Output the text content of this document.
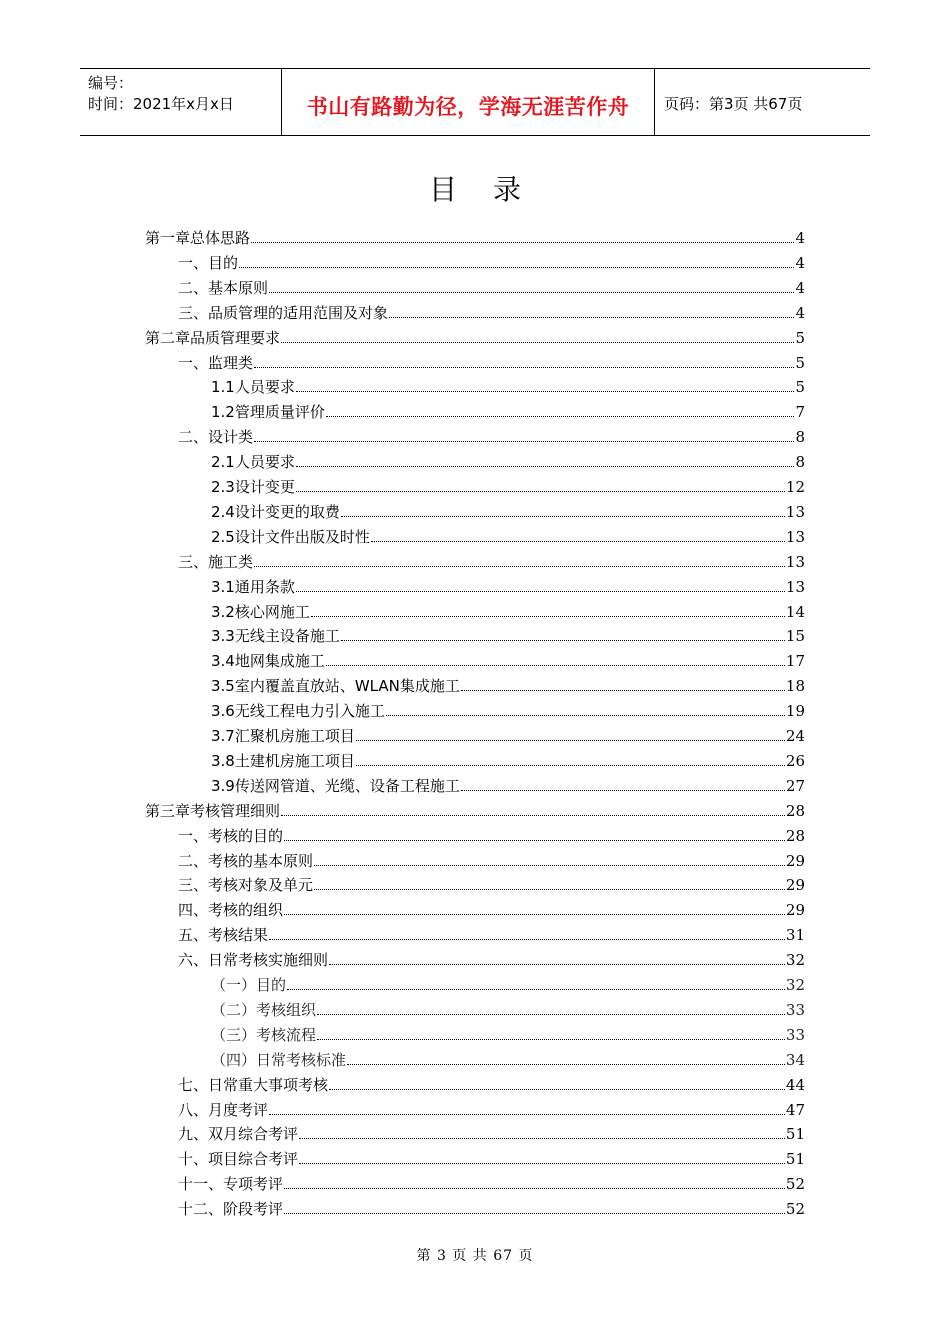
编号：
时间：2021年x月x日	书山有路勤为径，学海无涯苦作舟	页码：第3页 共67页
目录
第一章总体思路	4
一、目的	4
二、基本原则	4
三、品质管理的适用范围及对象	4
第二章品质管理要求	5
一、监理类	5
1.1人员要求	5
1.2管理质量评价	7
二、设计类	8
2.1人员要求	8
2.3设计变更	12
2.4设计变更的取费	13
2.5设计文件出版及时性	13
三、施工类	13
3.1通用条款	13
3.2核心网施工	14
3.3无线主设备施工	15
3.4地网集成施工	17
3.5室内覆盖直放站、WLAN集成施工	18
3.6无线工程电力引入施工	19
3.7汇聚机房施工项目	24
3.8土建机房施工项目	26
3.9传送网管道、光缆、设备工程施工	27
第三章考核管理细则	28
一、考核的目的	28
二、考核的基本原则	29
三、考核对象及单元	29
四、考核的组织	29
五、考核结果	31
六、日常考核实施细则	32
（一）目的	32
（二）考核组织	33
（三）考核流程	33
（四）日常考核标准	34
七、日常重大事项考核	44
八、月度考评	47
九、双月综合考评	51
十、项目综合考评	51
十一、专项考评	52
十二、阶段考评	52
第 3 页 共 67 页
